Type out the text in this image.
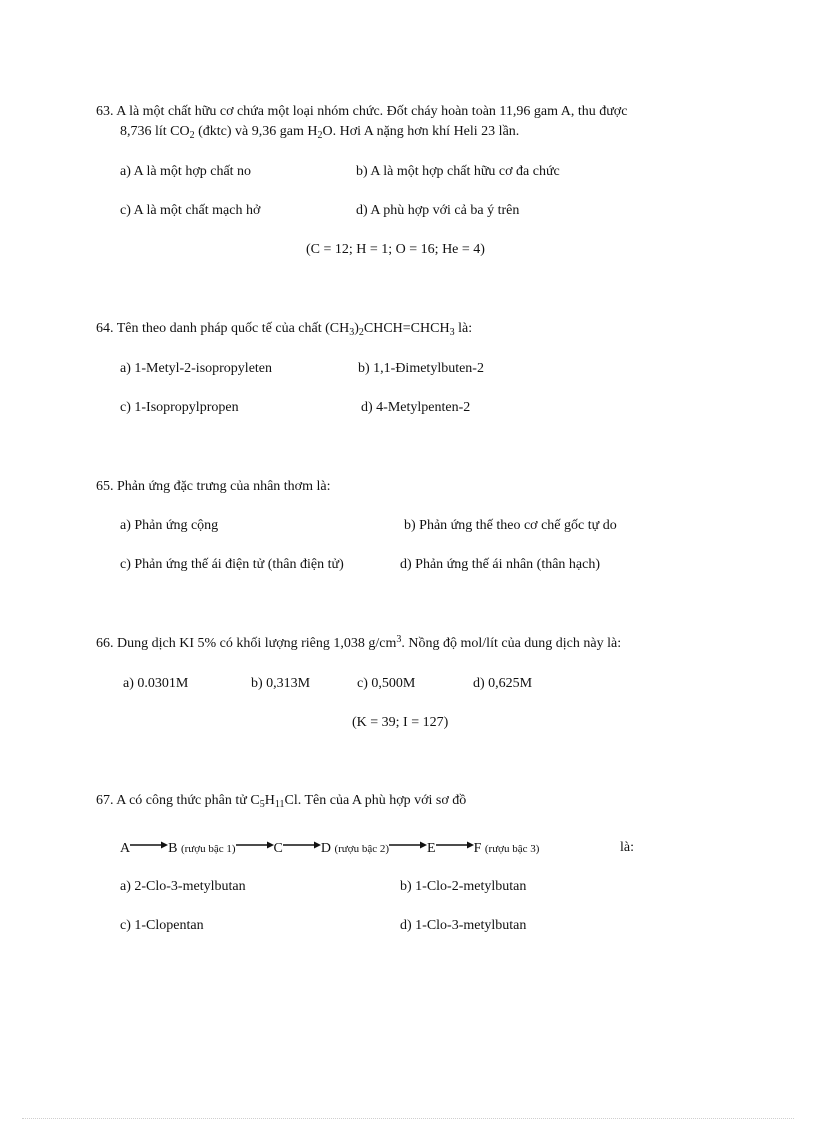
63. A là một chất hữu cơ chứa một loại nhóm chức. Đốt cháy hoàn toàn 11,96 gam A, thu được
8,736 lít $CO_2$ (đktc) và 9,36 gam $H_2O$. Hơi A nặng hơn khí Heli 23 lần.
a) A là một hợp chất no	b) A là một hợp chất hữu cơ đa chức
c) A là một chất mạch hở	d) A phù hợp với cả ba ý trên
(C = 12; H = 1; O = 16; He = 4)
64. Tên theo danh pháp quốc tế của chất $(CH_3)_2CHCH=CHCH_3$ là:
a) 1-Metyl-2-isopropyleten	b) 1,1-Đimetylbuten-2
c) 1-Isopropylpropen	d) 4-Metylpenten-2
65. Phản ứng đặc trưng của nhân thơm là:
a) Phản ứng cộng	b) Phản ứng thế theo cơ chế gốc tự do
c) Phản ứng thế ái điện tử (thân điện tử)	d) Phản ứng thế ái nhân (thân hạch)
66. Dung dịch KI 5% có khối lượng riêng 1,038 $g/cm^3$. Nồng độ mol/lít của dung dịch này là:
a) 0.0301M	b) 0,313M	c) 0,500M	d) 0,625M
(K = 39; I = 127)
67. A có công thức phân tử $C_5H_{11}Cl$. Tên của A phù hợp với sơ đồ
A	B (rượu bậc 1)	C	D (rượu bậc 2)	E	F (rượu bậc 3)	là:
a) 2-Clo-3-metylbutan	b) 1-Clo-2-metylbutan
c) 1-Clopentan	d) 1-Clo-3-metylbutan
